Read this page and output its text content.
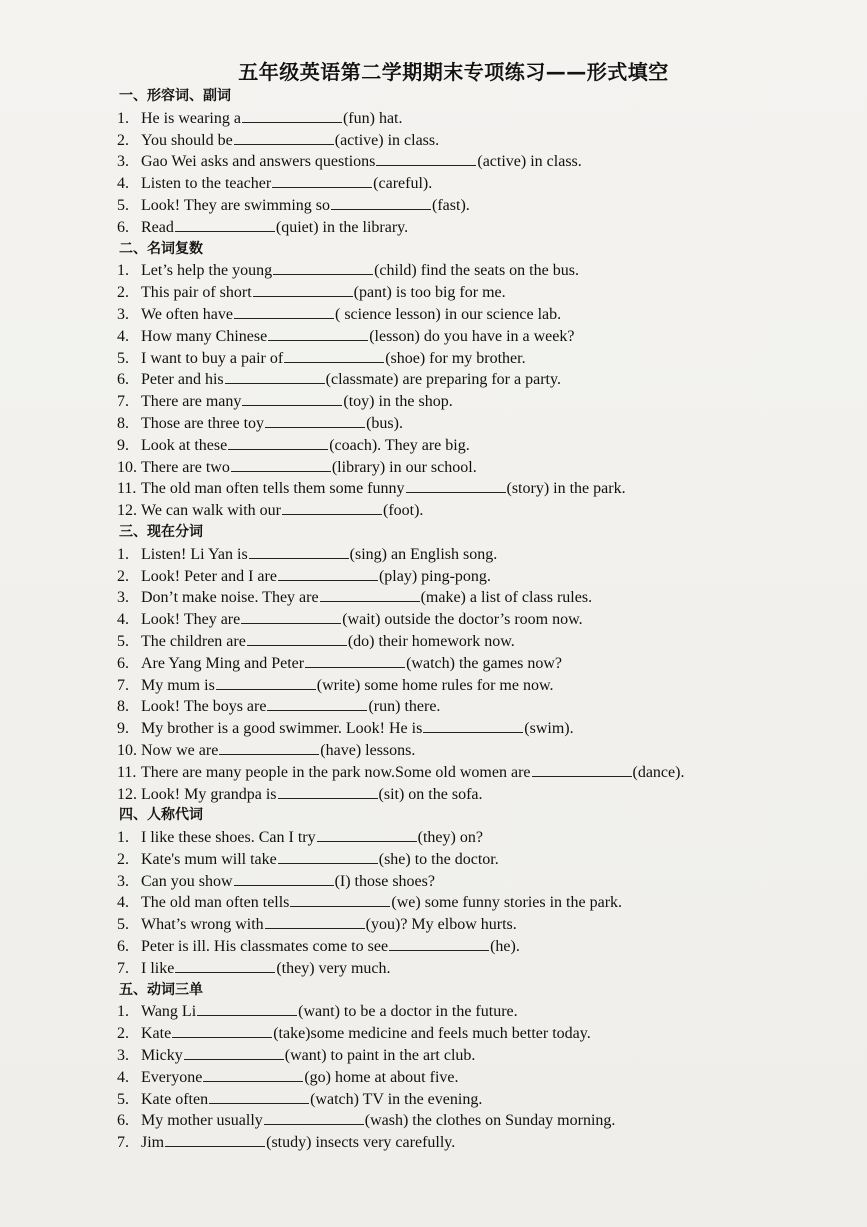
五年级英语第二学期期末专项练习——形式填空
一、形容词、副词
1. He is wearing a	(fun) hat.
2. You should be	(active) in class.
3. Gao Wei asks and answers questions	(active) in class.
4. Listen to the teacher	(careful).
5. Look! They are swimming so	(fast).
6. Read	(quiet) in the library.
二、名词复数
1. Let’s help the young	(child) find the seats on the bus.
2. This pair of short	(pant) is too big for me.
3. We often have	( science lesson) in our science lab.
4. How many Chinese	(lesson) do you have in a week?
5. I want to buy a pair of	(shoe) for my brother.
6. Peter and his	(classmate) are preparing for a party.
7. There are many	(toy) in the shop.
8. Those are three toy	(bus).
9. Look at these	(coach). They are big.
10. There are two	(library) in our school.
11. The old man often tells them some funny	(story) in the park.
12. We can walk with our	(foot).
三、现在分词
1. Listen! Li Yan is	(sing) an English song.
2. Look! Peter and I are	(play) ping-pong.
3. Don’t make noise. They are	(make) a list of class rules.
4. Look! They are	(wait) outside the doctor’s room now.
5. The children are	(do) their homework now.
6. Are Yang Ming and Peter	(watch) the games now?
7. My mum is	(write) some home rules for me now.
8. Look! The boys are	(run) there.
9. My brother is a good swimmer. Look! He is	(swim).
10. Now we are	(have) lessons.
11. There are many people in the park now.Some old women are	(dance).
12. Look! My grandpa is	(sit) on the sofa.
四、人称代词
1. I like these shoes. Can I try	(they) on?
2. Kate's mum will take	(she) to the doctor.
3. Can you show	(I) those shoes?
4. The old man often tells	(we) some funny stories in the park.
5. What’s wrong with	(you)? My elbow hurts.
6. Peter is ill. His classmates come to see	(he).
7. I like	(they) very much.
五、动词三单
1. Wang Li	(want) to be a doctor in the future.
2. Kate	(take)some medicine and feels much better today.
3. Micky	(want) to paint in the art club.
4. Everyone	(go) home at about five.
5. Kate often	(watch) TV in the evening.
6. My mother usually	(wash) the clothes on Sunday morning.
7. Jim	(study) insects very carefully.
